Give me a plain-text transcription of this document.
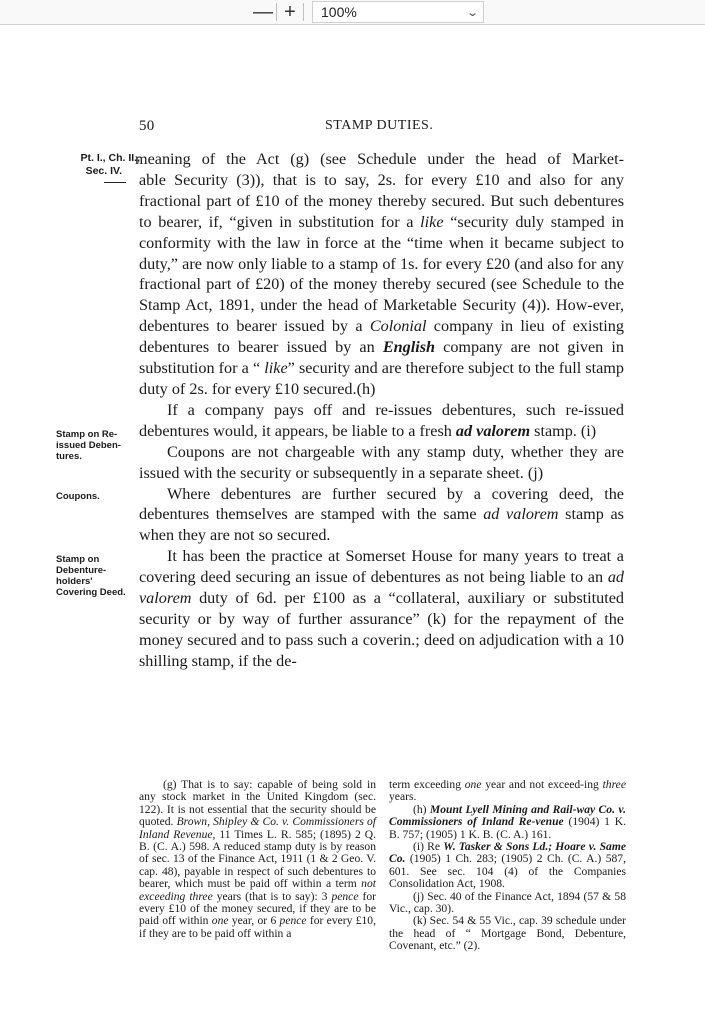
— +	100%	⌄
50	STAMP DUTIES.
Pt. I., Ch. II.,
Sec. IV.
Stamp on Re-
issued Deben-
tures.
Coupons.
Stamp on
Debenture-
holders'
Covering Deed.

meaning of the Act (g) (see Schedule under the head of Market-
able Security (3)), that is to say, 2s. for every £10 and also for any fractional part of £10 of the money thereby secured. But such debentures to bearer, if, “given in substitution for a like “security duly stamped in conformity with the law in force at the “time when it became subject to duty,” are now only liable to a stamp of 1s. for every £20 (and also for any fractional part of £20) of the money thereby secured (see Schedule to the Stamp Act, 1891, under the head of Marketable Security (4)). How-ever, debentures to bearer issued by a Colonial company in lieu of existing debentures to bearer issued by an English company are not given in substitution for a “ like” security and are therefore subject to the full stamp duty of 2s. for every £10 secured.(h)

If a company pays off and re-issues debentures, such re-issued debentures would, it appears, be liable to a fresh ad valorem stamp. (i)

Coupons are not chargeable with any stamp duty, whether they are issued with the security or subsequently in a separate sheet. (j)

Where debentures are further secured by a covering deed, the debentures themselves are stamped with the same ad valorem stamp as when they are not so secured.

It has been the practice at Somerset House for many years to treat a covering deed securing an issue of debentures as not being liable to an ad valorem duty of 6d. per £100 as a “collateral, auxiliary or substituted security or by way of further assurance” (k) for the repayment of the money secured and to pass such a coverin.; deed on adjudication with a 10 shilling stamp, if the de-

(g) That is to say: capable of being sold in any stock market in the United Kingdom (sec. 122). It is not essential that the security should be quoted. Brown, Shipley & Co. v. Commissioners of Inland Revenue, 11 Times L. R. 585; (1895) 2 Q. B. (C. A.) 598. A reduced stamp duty is by reason of sec. 13 of the Finance Act, 1911 (1 & 2 Geo. V. cap. 48), payable in respect of such debentures to bearer, which must be paid off within a term not exceeding three years (that is to say): 3 pence for every £10 of the money secured, if they are to be paid off within one year, or 6 pence for every £10, if they are to be paid off within a

term exceeding one year and not exceed-ing three years.

(h) Mount Lyell Mining and Rail-way Co. v. Commissioners of Inland Re-venue (1904) 1 K. B. 757; (1905) 1 K. B. (C. A.) 161.

(i) Re W. Tasker & Sons Ld.; Hoare v. Same Co. (1905) 1 Ch. 283; (1905) 2 Ch. (C. A.) 587, 601. See sec. 104 (4) of the Companies Consolidation Act, 1908.

(j) Sec. 40 of the Finance Act, 1894 (57 & 58 Vic., cap. 30).

(k) Sec. 54 & 55 Vic., cap. 39 schedule under the head of “ Mortgage Bond, Debenture, Covenant, etc.” (2).
